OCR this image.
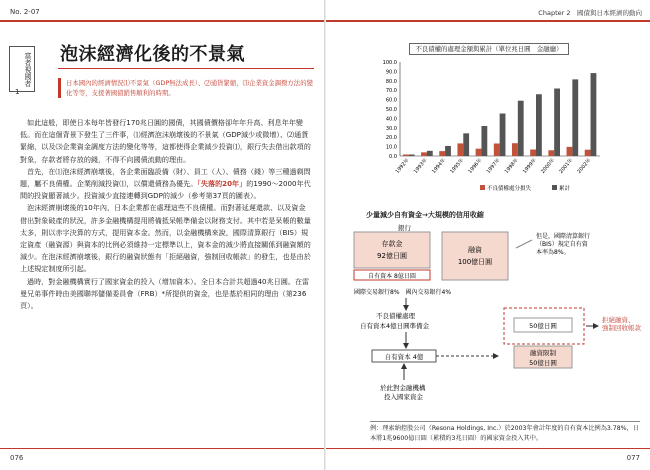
No. 2-07
富者視國者
1
泡沫經濟化後的不景氣
日本國內的經濟情況⑴不景氣（GDP無法成長）、⑵通貨緊縮，⑶企業資金調撥方法的變化等等，支援著國債銷售順利的時期。

如此這般，即使日本每年皆發行170兆日圓的國債，其國債價格卻年年升高、利息年年變低。而在這個背景下發生了三件事，⑴經濟泡沫崩壞後的不景氣（GDP減少或微增）、⑵通貨緊縮，以及⑶企業資金調度方法的變化等等，這都使得企業減少投資⑴，銀行失去借出款項的對象，存款者將存放的錢，不得不向國債流動的理由。

首先，在⑴泡沫經濟崩壞後，各企業面臨設備（財）、員工（人）、債務（錢）等三種過剩問題，屬不良債權。企業削減投資⑴，以償還債務為優先。「失落的20年」的1990～2000年代間的投資顯著減少。投資減少直接連轉到GDP的減少（參考第37頁的圖表）。

泡沫經濟崩壞後的10年內，日本企業都在處理這些不良債權。而對著延遲還款、以及資金借出對象破產的狀況，許多金融機構提用將備抵呆帳準備金以財務支付。其中若是呆帳的數量太多，則以赤字決算的方式，提用資本金。然而，以金融機構來說，國際清算銀行（BIS）規定資產（融資源）與資本的比例必須維持一定標準以上，資本金的減少將直接關係到融資額的減少。在泡沫經濟崩壞後，銀行的融資狀態有「拒絕融資，強制回收帳款」的發生，也是由於上述規定制度所引起。

過時，對金融機構實行了國家資金的投入（增加資本）。全日本合計共超過40兆日圓。在雷曼兄弟事件時由美國聯邦儲備委員會（FRB）*所提供的資金，也是基於相同的理由（第236頁）。

076
Chapter 2　國債與日本經濟的動向
不良債權的處理金額與累計（單位兆日圓　金融廳）
0.0
10.0
20.0
30.0
40.0
50.0
60.0
70.0
80.0
90.0
100.0
1992年 1993年 1994年 1995年 1996年 1997年 1998年 1999年 2000年 2001年 2002年
不良債權處分損失	累計
少量減少自有資金→大規模的信用收縮
銀行
存款金
92億日圓
自有資本 8億日圓
融資
100億日圓
但是，國際清算銀行（BIS）規定自有資本率為8%。
國際交易銀行8%　國內交易銀行4%
不良債權處理
自有資本4億日圓準備金
自有資本 4億
50億日圓
融資限制
50億日圓
拒絕融資、強制回收帳款
於此對金融機構投入國家資金
例：理索納控股公司（Resona Holdings, Inc.）於2003年會計年度的自有資本比例為3.78%，日本將1兆9600億日圓（累積約3兆日圓）的國家資金投入其中。
077
